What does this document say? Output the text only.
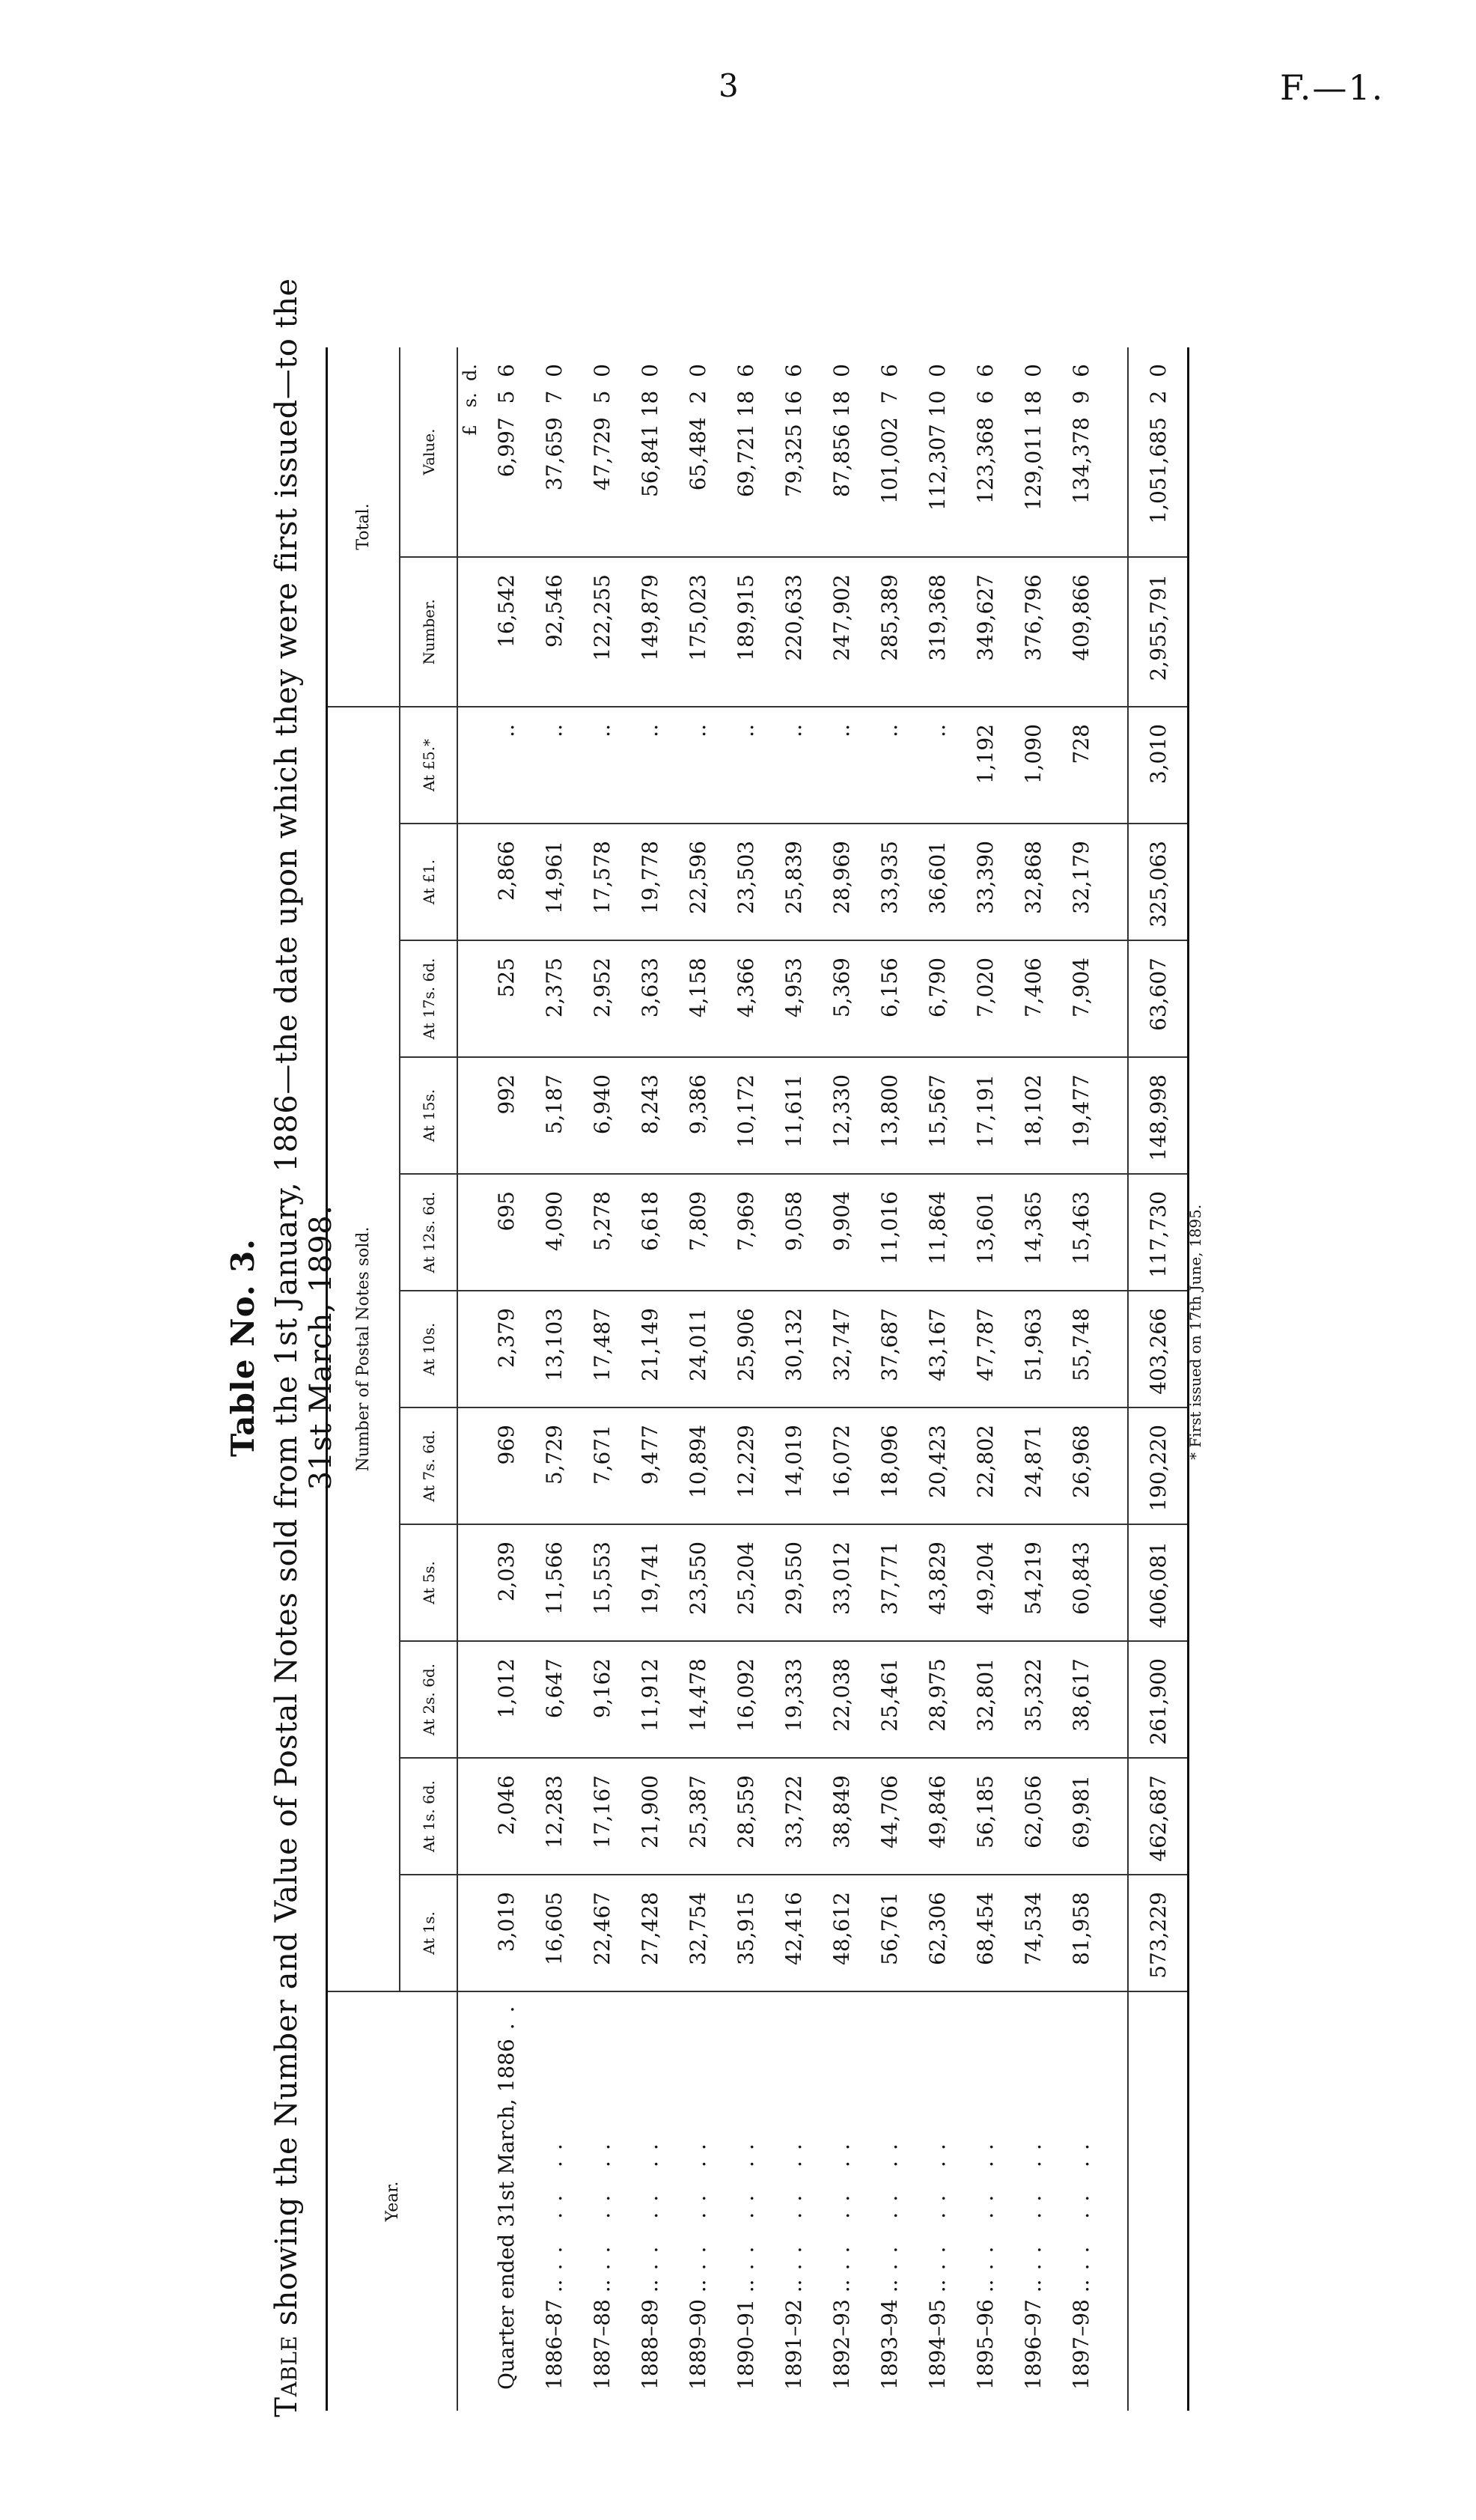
3	F.—1.
Table No. 3.
Table showing the Number and Value of Postal Notes sold from the 1st January, 1886—the date upon which they were first issued—to the 31st March, 1898.
Year.	Number of Postal Notes sold.											Total.	
	At 1s.	At 1s. 6d.	At 2s. 6d.	At 5s.	At 7s. 6d.	At 10s.	At 12s. 6d.	At 15s.	At 17s. 6d.	At £1.	At £5.*	Number.	Value.
													£   s.  d.
Quarter ended 31st March, 1886..	3,019	2,046	1,012	2,039	969	2,379	695	992	525	2,866	..	16,542	6,997  5  6
1886–87 .... .. ..	16,605	12,283	6,647	11,566	5,729	13,103	4,090	5,187	2,375	14,961	..	92,546	37,659  7  0
1887–88 .... .. ..	22,467	17,167	9,162	15,553	7,671	17,487	5,278	6,940	2,952	17,578	..	122,255	47,729  5  0
1888–89 .... .. ..	27,428	21,900	11,912	19,741	9,477	21,149	6,618	8,243	3,633	19,778	..	149,879	56,841 18  0
1889–90 .... .. ..	32,754	25,387	14,478	23,550	10,894	24,011	7,809	9,386	4,158	22,596	..	175,023	65,484  2  0
1890–91 .... .. ..	35,915	28,559	16,092	25,204	12,229	25,906	7,969	10,172	4,366	23,503	..	189,915	69,721 18  6
1891–92 .... .. ..	42,416	33,722	19,333	29,550	14,019	30,132	9,058	11,611	4,953	25,839	..	220,633	79,325 16  6
1892–93 .... .. ..	48,612	38,849	22,038	33,012	16,072	32,747	9,904	12,330	5,369	28,969	..	247,902	87,856 18  0
1893–94 .... .. ..	56,761	44,706	25,461	37,771	18,096	37,687	11,016	13,800	6,156	33,935	..	285,389	101,002  7  6
1894–95 .... .. ..	62,306	49,846	28,975	43,829	20,423	43,167	11,864	15,567	6,790	36,601	..	319,368	112,307 10  0
1895–96 .... .. ..	68,454	56,185	32,801	49,204	22,802	47,787	13,601	17,191	7,020	33,390	1,192	349,627	123,368  6  6
1896–97 .... .. ..	74,534	62,056	35,322	54,219	24,871	51,963	14,365	18,102	7,406	32,868	1,090	376,796	129,011 18  0
1897–98 .... .. ..	81,958	69,981	38,617	60,843	26,968	55,748	15,463	19,477	7,904	32,179	728	409,866	134,378  9  6

	573,229	462,687	261,900	406,081	190,220	403,266	117,730	148,998	63,607	325,063	3,010	2,955,791	1,051,685  2  0
* First issued on 17th June, 1895.
